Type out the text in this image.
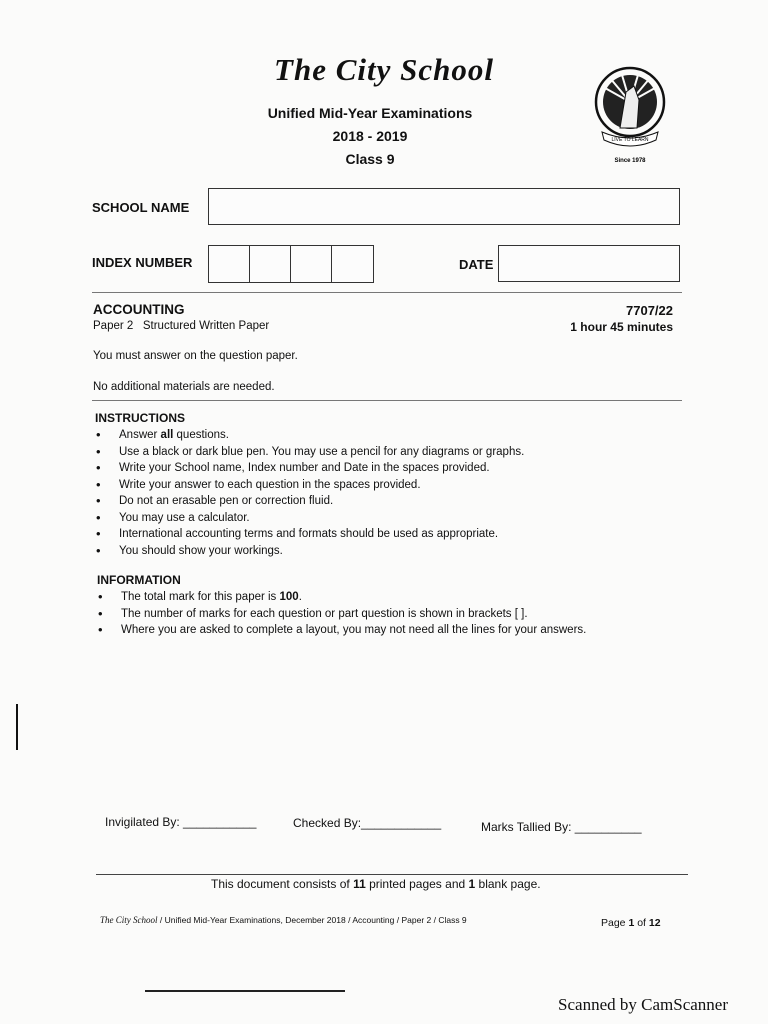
The City School
Unified Mid-Year Examinations
2018 - 2019
Class 9
LIVE TO LEARN
Since 1978
SCHOOL NAME
INDEX NUMBER	DATE
ACCOUNTING	7707/22
Paper 2   Structured Written Paper	1 hour 45 minutes
You must answer on the question paper.
No additional materials are needed.
INSTRUCTIONS
• Answer all questions.
• Use a black or dark blue pen. You may use a pencil for any diagrams or graphs.
• Write your School name, Index number and Date in the spaces provided.
• Write your answer to each question in the spaces provided.
• Do not an erasable pen or correction fluid.
• You may use a calculator.
• International accounting terms and formats should be used as appropriate.
• You should show your workings.
INFORMATION
• The total mark for this paper is 100.
• The number of marks for each question or part question is shown in brackets [ ].
• Where you are asked to complete a layout, you may not need all the lines for your answers.
Invigilated By: ___________	Checked By:____________	Marks Tallied By: __________
This document consists of 11 printed pages and 1 blank page.
The City School / Unified Mid-Year Examinations, December 2018 / Accounting / Paper 2 / Class 9	Page 1 of 12
Scanned by CamScanner
